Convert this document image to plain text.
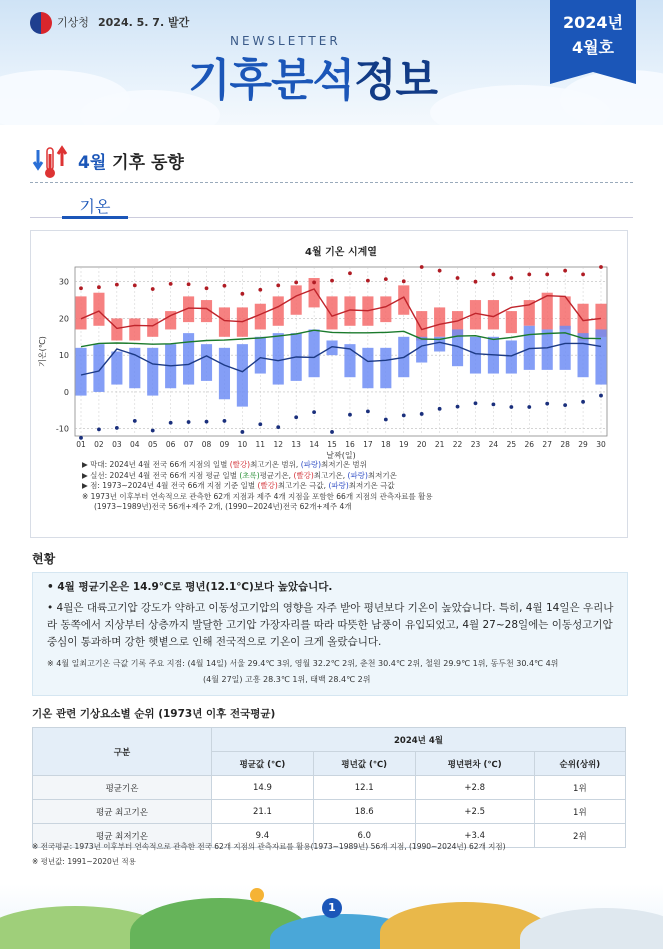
기상청 2024. 5. 7. 발간
NEWSLETTER
기후분석정보
2024년
4월호
4월 기후 동향
기온
4월 기온 시계열
-10
0
10
20
30
01 02 03 04 05 06 07 08 09 10 11 12 13 14 15 16 17 18 19 20 21 22 23 24 25 26 27 28 29 30
날짜(일)
기온(℃)
▶ 막대: 2024년 4월 전국 66개 지점의 일별 (빨강)최고기온 범위, (파랑)최저기온 범위
▶ 실선: 2024년 4월 전국 66개 지점 평균 일별 (초록)평균기온, (빨강)최고기온, (파랑)최저기온
▶ 점: 1973~2024년 4월 전국 66개 지점 기준 일별 (빨강)최고기온 극값, (파랑)최저기온 극값
※ 1973년 이후부터 연속적으로 관측한 62개 지점과 제주 4개 지점을 포함한 66개 지점의 관측자료를 활용
(1973~1989년)전국 56개+제주 2개, (1990~2024년)전국 62개+제주 4개
현황
• 4월 평균기온은 14.9℃로 평년(12.1℃)보다 높았습니다.
• 4월은 대륙고기압 강도가 약하고 이동성고기압의 영향을 자주 받아 평년보다 기온이 높았습니다. 특히, 4월 14일은 우리나라 동쪽에서 지상부터 상층까지 발달한 고기압 가장자리를 따라 따뜻한 남풍이 유입되었고, 4월 27~28일에는 이동성고기압 중심이 통과하며 강한 햇볕으로 인해 전국적으로 기온이 크게 올랐습니다.
※ 4월 일최고기온 극값 기록 주요 지점: (4월 14일) 서울 29.4℃ 3위, 영월 32.2℃ 2위, 춘천 30.4℃ 2위, 철원 29.9℃ 1위, 동두천 30.4℃ 4위
(4월 27일) 고흥 28.3℃ 1위, 태백 28.4℃ 2위
기온 관련 기상요소별 순위 (1973년 이후 전국평균)
구분	2024년 4월			
	평균값 (℃)	평년값 (℃)	평년편차 (℃)	순위(상위)
평균기온	14.9	12.1	+2.8	1위
평균 최고기온	21.1	18.6	+2.5	1위
평균 최저기온	9.4	6.0	+3.4	2위
※ 전국평균: 1973년 이후부터 연속적으로 관측한 전국 62개 지점의 관측자료를 활용(1973~1989년) 56개 지점, (1990~2024년) 62개 지점)
※ 평년값: 1991~2020년 적용
1
